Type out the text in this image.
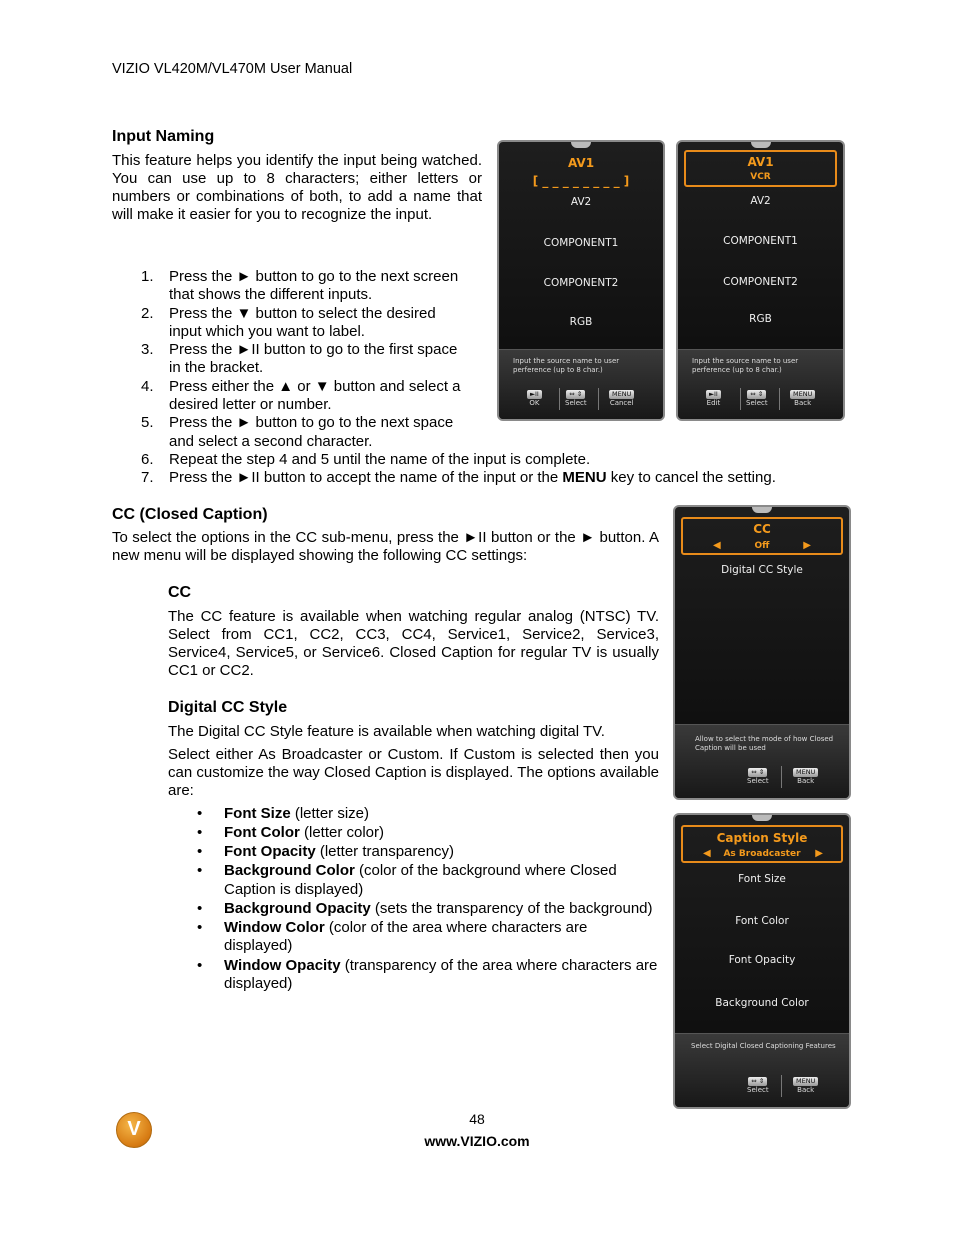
VIZIO VL420M/VL470M User Manual
Input Naming
This feature helps you identify the input being watched. You can use up to 8 characters; either letters or numbers or combinations of both, to add a name that will make it easier for you to recognize the input.
1.	Press the ► button to go to the next screen
that shows the different inputs.
2.	Press the ▼ button to select the desired
input which you want to label.
3.	Press the ►II button to go to the first space
in the bracket.
4.	Press either the ▲ or ▼ button and select a
desired letter or number.
5.	Press the ► button to go to the next space
and select a second character.
6.	Repeat the step 4 and 5 until the name of the input is complete.
7.	Press the ►II button to accept the name of the input or the MENU key to cancel the setting.
AV1
[ _ _ _ _ _ _ _ _ ]
AV2
COMPONENT1
COMPONENT2
RGB
Input the source name to user perference (up to 8 char.)
►II
OK
⇔ ⇕
Select
MENU
Cancel
AV1
VCR
AV2
COMPONENT1
COMPONENT2
RGB
Input the source name to user perference (up to 8 char.)
►II
Edit
⇔ ⇕
Select
MENU
Back
CC (Closed Caption)
To select the options in the CC sub-menu, press the ►II button or the ► button. A new menu will be displayed showing the following CC settings:
CC
The CC feature is available when watching regular analog (NTSC) TV. Select from CC1, CC2, CC3, CC4, Service1, Service2, Service3, Service4, Service5, or Service6. Closed Caption for regular TV is usually CC1 or CC2.
Digital CC Style
The Digital CC Style feature is available when watching digital TV.
Select either As Broadcaster or Custom. If Custom is selected then you can customize the way Closed Caption is displayed. The options available are:
•	Font Size (letter size)
•	Font Color (letter color)
•	Font Opacity (letter transparency)
•	Background Color (color of the background where Closed Caption is displayed)
•	Background Opacity (sets the transparency of the background)
•	Window Color (color of the area where characters are displayed)
•	Window Opacity (transparency of the area where characters are displayed)
CC
◀	Off	▶
Digital CC Style
Allow to select the mode of how Closed Caption will be used
⇔ ⇕
Select
MENU
Back
Caption Style
◀	As Broadcaster	▶
Font Size
Font Color
Font Opacity
Background Color
Select Digital Closed Captioning Features
⇔ ⇕
Select
MENU
Back
V	48
www.VIZIO.com
